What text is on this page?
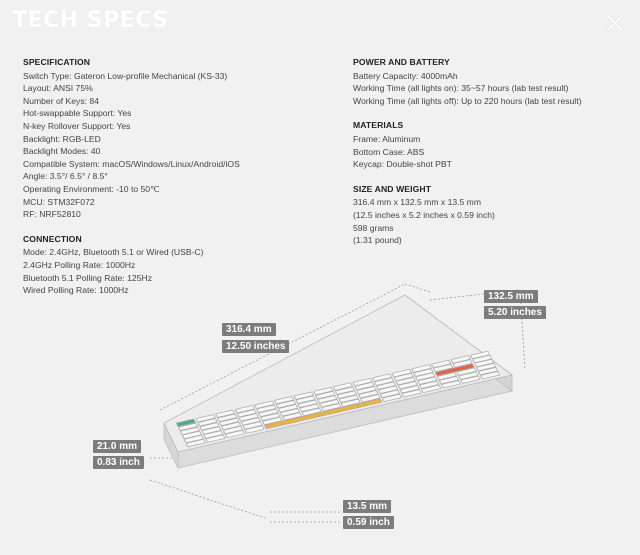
TECH SPECS
SPECIFICATION
Switch Type: Gateron Low-profile Mechanical (KS-33)
Layout: ANSI 75%
Number of Keys: 84
Hot-swappable Support: Yes
N-key Rollover Support: Yes
Backlight: RGB-LED
Backlight Modes: 40
Compatible System: macOS/Windows/Linux/Android/iOS
Angle: 3.5°/ 6.5° / 8.5°
Operating Environment: -10 to 50℃
MCU: STM32F072
RF: NRF52810
CONNECTION
Mode: 2.4GHz, Bluetooth 5.1 or Wired (USB-C)
2.4GHz Polling Rate: 1000Hz
Bluetooth 5.1 Polling Rate: 125Hz
Wired Polling Rate: 1000Hz
POWER AND BATTERY
Battery Capacity: 4000mAh
Working Time (all lights on): 35~57 hours (lab test result)
Working Time (all lights off): Up to 220 hours (lab test result)
MATERIALS
Frame: Aluminum
Bottom Case: ABS
Keycap: Double-shot PBT
SIZE AND WEIGHT
316.4 mm x 132.5 mm x 13.5 mm
(12.5 inches x 5.2 inches x 0.59 inch)
598 grams
(1.31 pound)
316.4 mm
12.50 inches
132.5 mm
5.20 inches
21.0 mm
0.83 inch
13.5 mm
0.59 inch
